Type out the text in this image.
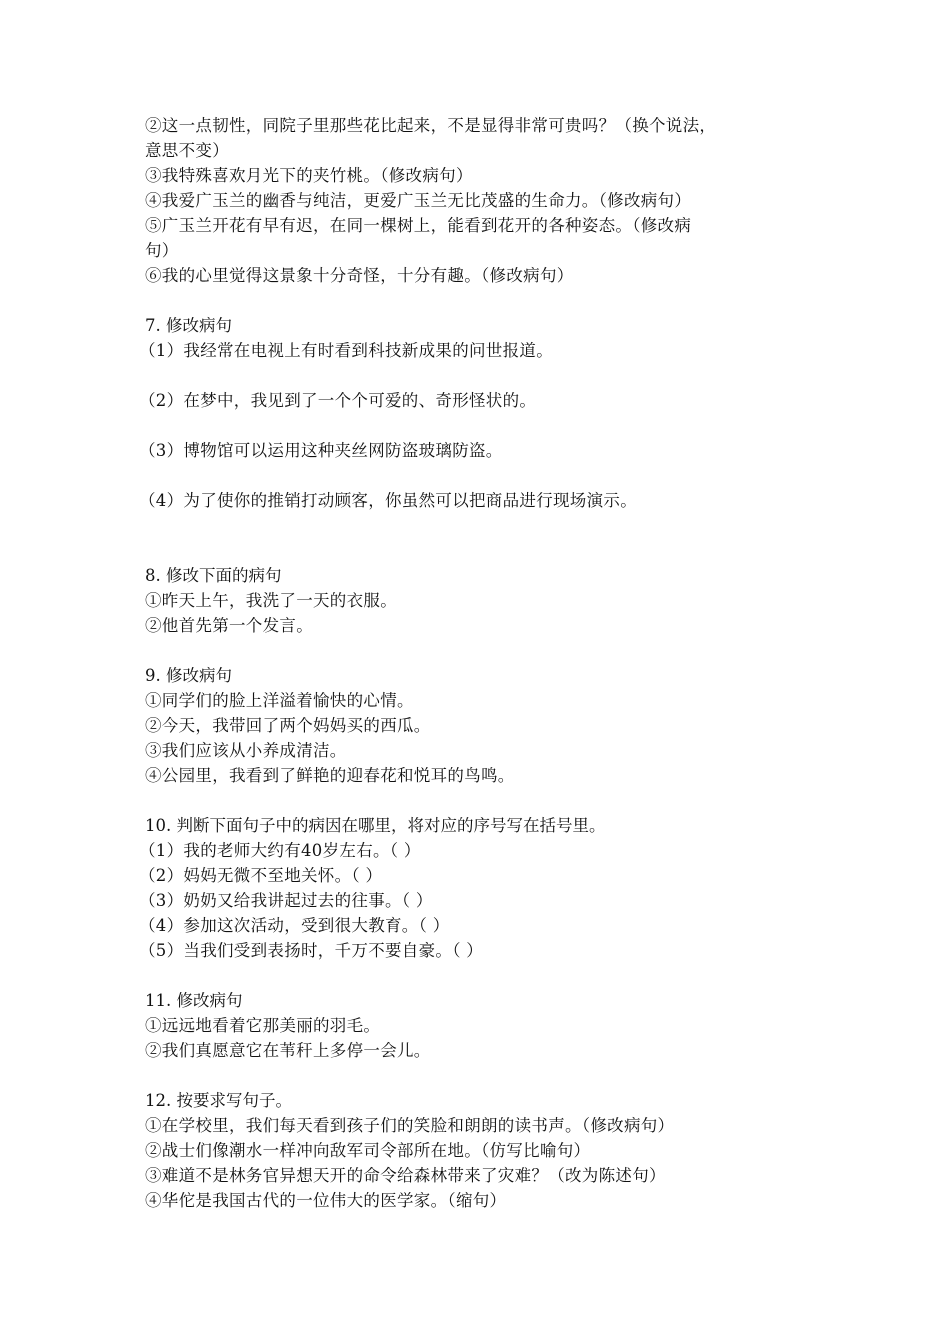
②这一点韧性，同院子里那些花比起来，不是显得非常可贵吗？（换个说法，
意思不变）
③我特殊喜欢月光下的夹竹桃。（修改病句）
④我爱广玉兰的幽香与纯洁，更爱广玉兰无比茂盛的生命力。（修改病句）
⑤广玉兰开花有早有迟，在同一棵树上，能看到花开的各种姿态。（修改病
句）
⑥我的心里觉得这景象十分奇怪，十分有趣。（修改病句）
7. 修改病句
（1）我经常在电视上有时看到科技新成果的问世报道。
（2）在梦中，我见到了一个个可爱的、奇形怪状的。
（3）博物馆可以运用这种夹丝网防盗玻璃防盗。
（4）为了使你的推销打动顾客，你虽然可以把商品进行现场演示。
8. 修改下面的病句
①昨天上午，我洗了一天的衣服。
②他首先第一个发言。
9. 修改病句
①同学们的脸上洋溢着愉快的心情。
②今天，我带回了两个妈妈买的西瓜。
③我们应该从小养成清洁。
④公园里，我看到了鲜艳的迎春花和悦耳的鸟鸣。
10. 判断下面句子中的病因在哪里，将对应的序号写在括号里。
（1）我的老师大约有40岁左右。（ ）
（2）妈妈无微不至地关怀。（ ）
（3）奶奶又给我讲起过去的往事。（ ）
（4）参加这次活动，受到很大教育。（ ）
（5）当我们受到表扬时，千万不要自豪。（ ）
11. 修改病句
①远远地看着它那美丽的羽毛。
②我们真愿意它在苇秆上多停一会儿。
12. 按要求写句子。
①在学校里，我们每天看到孩子们的笑脸和朗朗的读书声。（修改病句）
②战士们像潮水一样冲向敌军司令部所在地。（仿写比喻句）
③难道不是林务官异想天开的命令给森林带来了灾难？（改为陈述句）
④华佗是我国古代的一位伟大的医学家。（缩句）
